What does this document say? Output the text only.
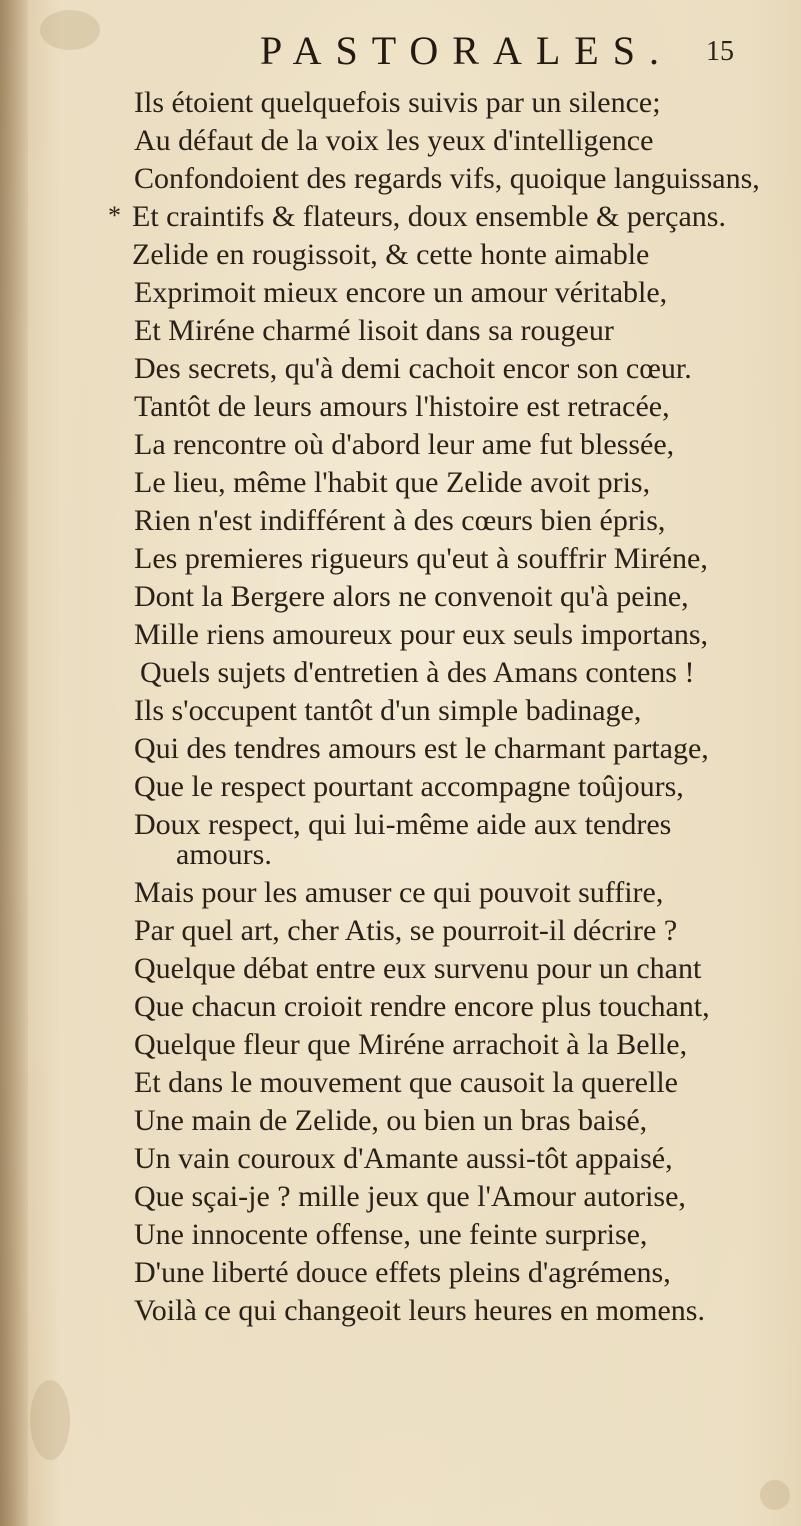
PASTORALES. 15
*
Ils étoient quelquefois suivis par un silence;
Au défaut de la voix les yeux d'intelligence
Confondoient des regards vifs, quoique languissans,
Et craintifs & flateurs, doux ensemble & perçans.
Zelide en rougissoit, & cette honte aimable
Exprimoit mieux encore un amour véritable,
Et Miréne charmé lisoit dans sa rougeur
Des secrets, qu'à demi cachoit encor son cœur.
Tantôt de leurs amours l'histoire est retracée,
La rencontre où d'abord leur ame fut blessée,
Le lieu, même l'habit que Zelide avoit pris,
Rien n'est indifférent à des cœurs bien épris,
Les premieres rigueurs qu'eut à souffrir Miréne,
Dont la Bergere alors ne convenoit qu'à peine,
Mille riens amoureux pour eux seuls importans,
Quels sujets d'entretien à des Amans contens !
Ils s'occupent tantôt d'un simple badinage,
Qui des tendres amours est le charmant partage,
Que le respect pourtant accompagne toûjours,
Doux respect, qui lui-même aide aux tendres
amours.
Mais pour les amuser ce qui pouvoit suffire,
Par quel art, cher Atis, se pourroit-il décrire ?
Quelque débat entre eux survenu pour un chant
Que chacun croioit rendre encore plus touchant,
Quelque fleur que Miréne arrachoit à la Belle,
Et dans le mouvement que causoit la querelle
Une main de Zelide, ou bien un bras baisé,
Un vain couroux d'Amante aussi-tôt appaisé,
Que sçai-je ? mille jeux que l'Amour autorise,
Une innocente offense, une feinte surprise,
D'une liberté douce effets pleins d'agrémens,
Voilà ce qui changeoit leurs heures en momens.
